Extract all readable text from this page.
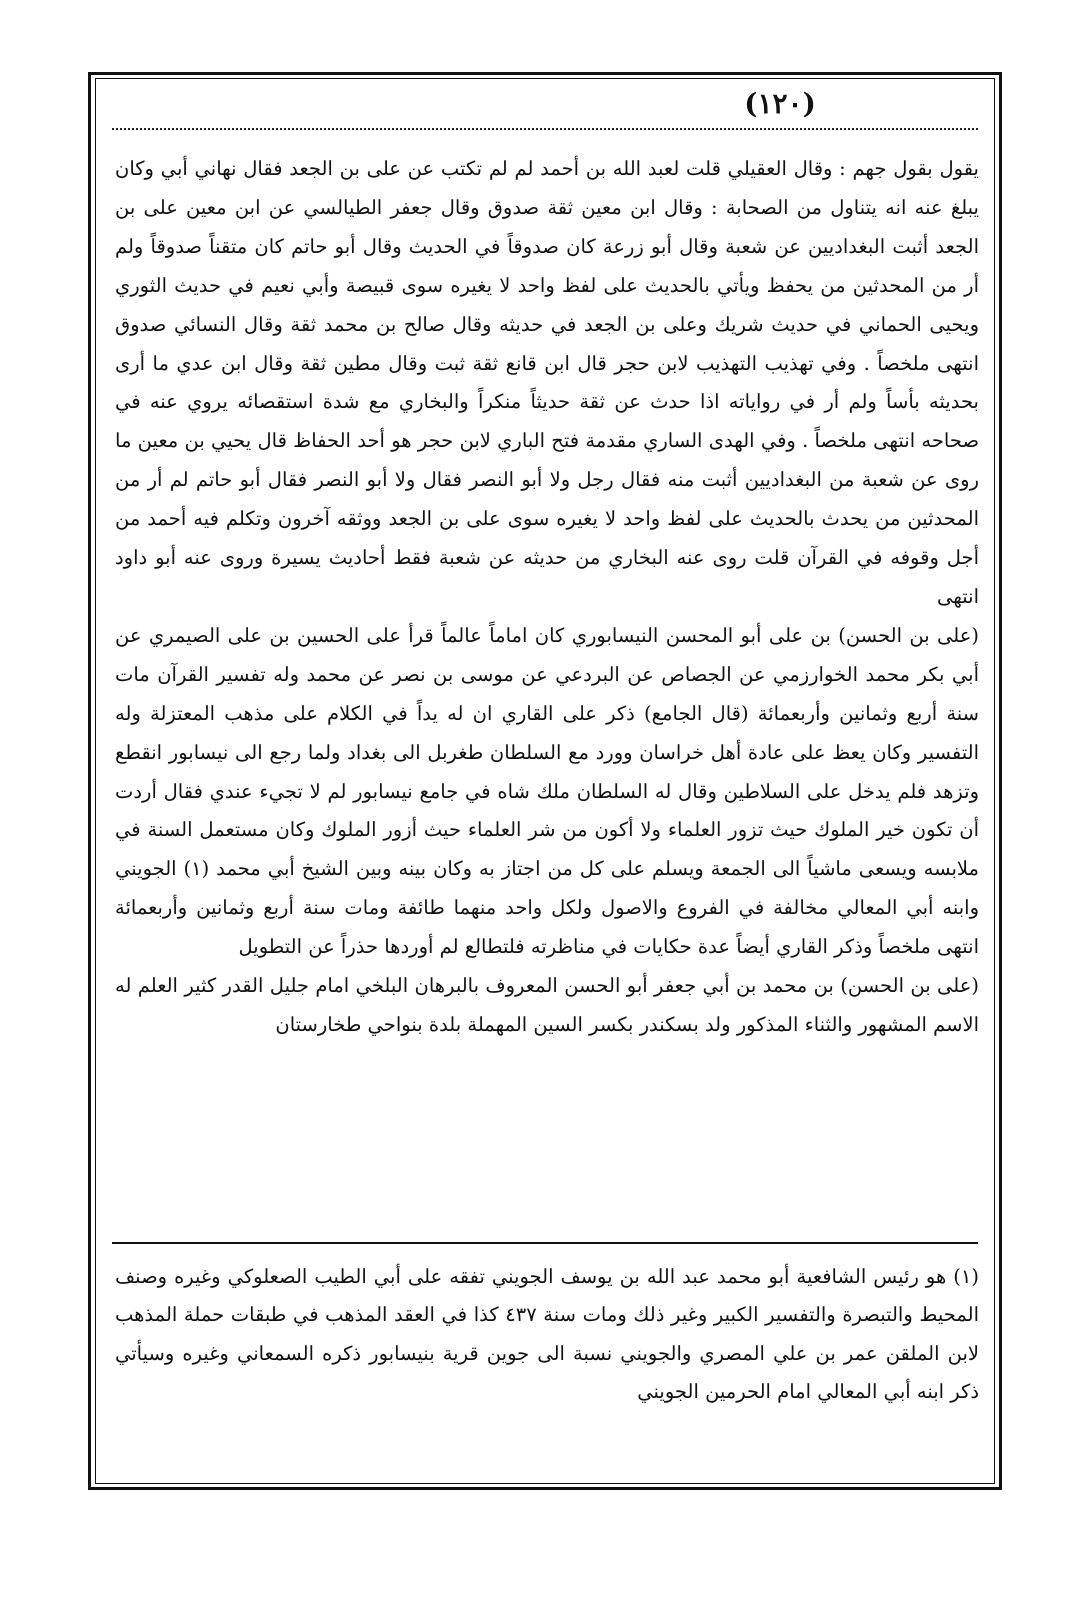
(١٢٠)

يقول بقول جهم : وقال العقيلي قلت لعبد الله بن أحمد لم لم تكتب عن على بن الجعد فقال نهاني أبي وكان يبلغ عنه انه يتناول من الصحابة : وقال ابن معين ثقة صدوق وقال جعفر الطيالسي عن ابن معين على بن الجعد أثبت البغداديين عن شعبة وقال أبو زرعة كان صدوقاً في الحديث وقال أبو حاتم كان متقناً صدوقاً ولم أر من المحدثين من يحفظ ويأتي بالحديث على لفظ واحد لا يغيره سوى قبيصة وأبي نعيم في حديث الثوري ويحيى الحماني في حديث شريك وعلى بن الجعد في حديثه وقال صالح بن محمد ثقة وقال النسائي صدوق انتهى ملخصاً . وفي تهذيب التهذيب لابن حجر قال ابن قانع ثقة ثبت وقال مطين ثقة وقال ابن عدي ما أرى بحديثه بأساً ولم أر في رواياته اذا حدث عن ثقة حديثاً منكراً والبخاري مع شدة استقصائه يروي عنه في صحاحه انتهى ملخصاً . وفي الهدى الساري مقدمة فتح الباري لابن حجر هو أحد الحفاظ قال يحيي بن معين ما روى عن شعبة من البغداديين أثبت منه فقال رجل ولا أبو النصر فقال ولا أبو النصر فقال أبو حاتم لم أر من المحدثين من يحدث بالحديث على لفظ واحد لا يغيره سوى على بن الجعد ووثقه آخرون وتكلم فيه أحمد من أجل وقوفه في القرآن قلت روى عنه البخاري من حديثه عن شعبة فقط أحاديث يسيرة وروى عنه أبو داود انتهى

(على بن الحسن) بن على أبو المحسن النيسابوري كان اماماً عالماً قرأ على الحسين بن على الصيمري عن أبي بكر محمد الخوارزمي عن الجصاص عن البردعي عن موسى بن نصر عن محمد وله تفسير القرآن مات سنة أربع وثمانين وأربعمائة (قال الجامع) ذكر على القاري ان له يداً في الكلام على مذهب المعتزلة وله التفسير وكان يعظ على عادة أهل خراسان وورد مع السلطان طغربل الى بغداد ولما رجع الى نيسابور انقطع وتزهد فلم يدخل على السلاطين وقال له السلطان ملك شاه في جامع نيسابور لم لا تجيء عندي فقال أردت أن تكون خير الملوك حيث تزور العلماء ولا أكون من شر العلماء حيث أزور الملوك وكان مستعمل السنة في ملابسه ويسعى ماشياً الى الجمعة ويسلم على كل من اجتاز به وكان بينه وبين الشيخ أبي محمد (١) الجويني وابنه أبي المعالي مخالفة في الفروع والاصول ولكل واحد منهما طائفة ومات سنة أربع وثمانين وأربعمائة انتهى ملخصاً وذكر القاري أيضاً عدة حكايات في مناظرته فلتطالع لم أوردها حذراً عن التطويل

(على بن الحسن) بن محمد بن أبي جعفر أبو الحسن المعروف بالبرهان البلخي امام جليل القدر كثير العلم له الاسم المشهور والثناء المذكور ولد بسكندر بكسر السين المهملة بلدة بنواحي طخارستان

(١) هو رئيس الشافعية أبو محمد عبد الله بن يوسف الجويني تفقه على أبي الطيب الصعلوكي وغيره وصنف المحيط والتبصرة والتفسير الكبير وغير ذلك ومات سنة ٤٣٧ كذا في العقد المذهب في طبقات حملة المذهب لابن الملقن عمر بن علي المصري والجويني نسبة الى جوين قرية بنيسابور ذكره السمعاني وغيره وسيأتي ذكر ابنه أبي المعالي امام الحرمين الجويني
